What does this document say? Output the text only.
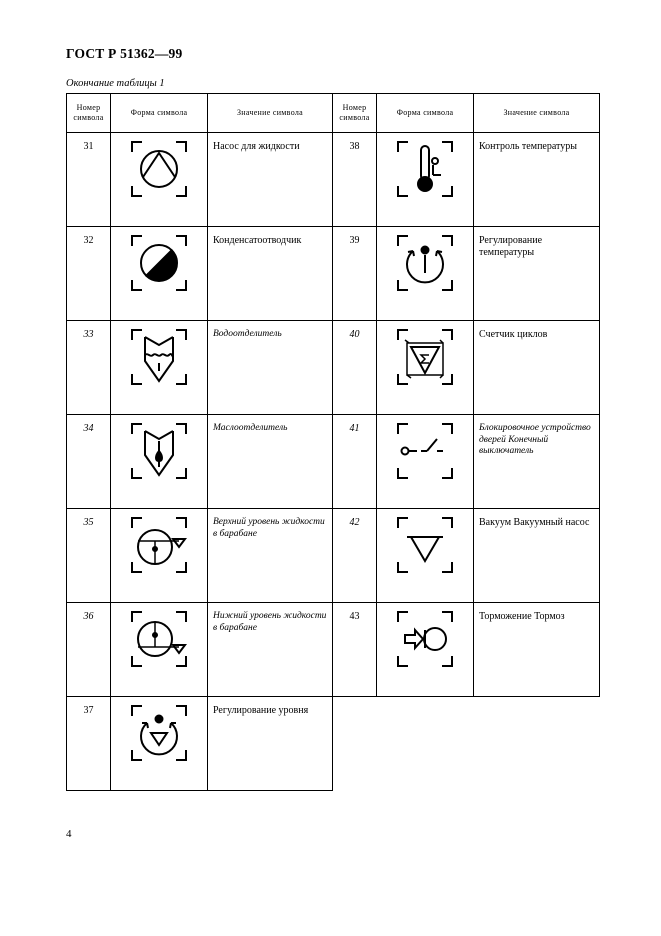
ГОСТ Р 51362—99
Окончание таблицы 1
Номер символа	Форма символа	Значение символа	Номер символа	Форма символа	Значение символа
31		Насос для жидкости	38		Контроль температуры
32		Конденсатоотводчик	39		Регулирование температуры
33		Водоотделитель	40		Счетчик циклов
34		Маслоотделитель	41		Блокировочное устройство дверей Конечный выключатель
35		Верхний уровень жидкости в барабане	42		Вакуум Вакуумный насос
36		Нижний уровень жидкости в барабане	43		Торможение Тормоз
37		Регулирование уровня			
4
